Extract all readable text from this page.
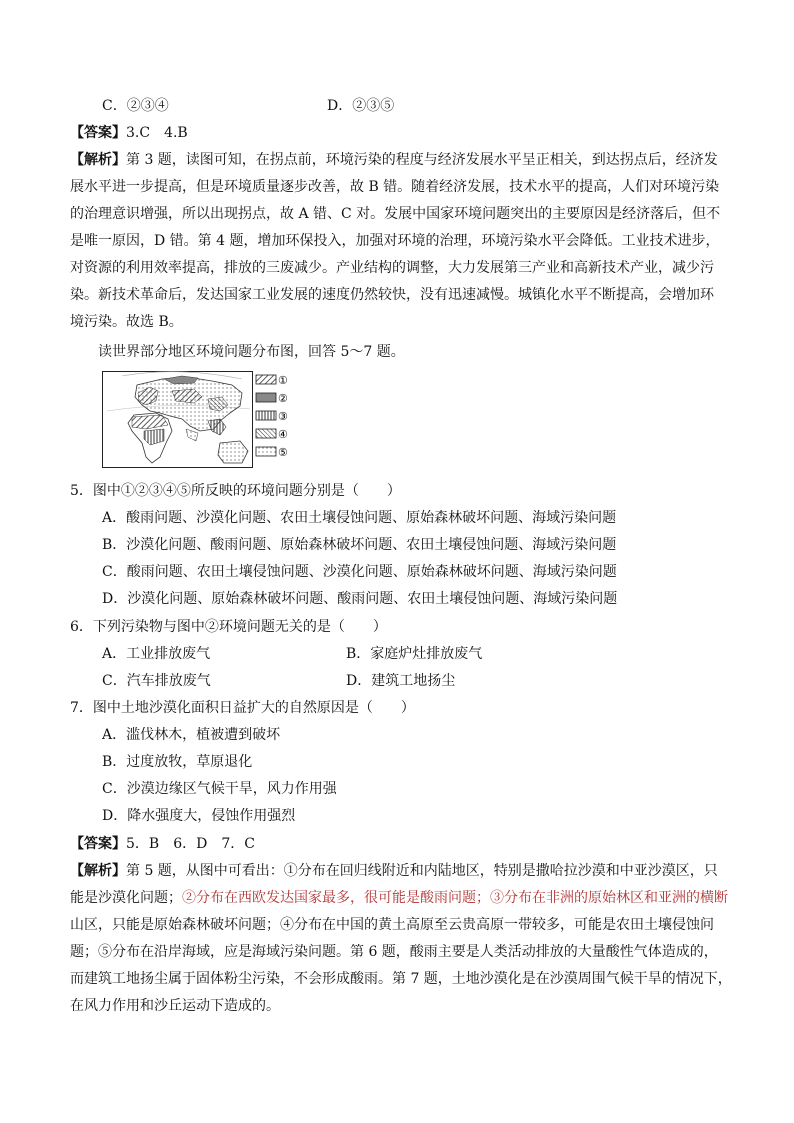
C．②③④	D．②③⑤
【答案】3.C　4.B
【解析】第 3 题，读图可知，在拐点前，环境污染的程度与经济发展水平呈正相关，到达拐点后，经济发
展水平进一步提高，但是环境质量逐步改善，故 B 错。随着经济发展，技术水平的提高，人们对环境污染
的治理意识增强，所以出现拐点，故 A 错、C 对。发展中国家环境问题突出的主要原因是经济落后，但不
是唯一原因，D 错。第 4 题，增加环保投入，加强对环境的治理，环境污染水平会降低。工业技术进步，
对资源的利用效率提高，排放的三废减少。产业结构的调整，大力发展第三产业和高新技术产业，减少污
染。新技术革命后，发达国家工业发展的速度仍然较快，没有迅速减慢。城镇化水平不断提高，会增加环
境污染。故选 B。
读世界部分地区环境问题分布图，回答 5～7 题。
①
②
③
④
⑤
5．图中①②③④⑤所反映的环境问题分别是（　　）
A．酸雨问题、沙漠化问题、农田土壤侵蚀问题、原始森林破坏问题、海域污染问题
B．沙漠化问题、酸雨问题、原始森林破坏问题、农田土壤侵蚀问题、海域污染问题
C．酸雨问题、农田土壤侵蚀问题、沙漠化问题、原始森林破坏问题、海域污染问题
D．沙漠化问题、原始森林破坏问题、酸雨问题、农田土壤侵蚀问题、海域污染问题
6．下列污染物与图中②环境问题无关的是（　　）
A．工业排放废气	B．家庭炉灶排放废气
C．汽车排放废气	D．建筑工地扬尘
7．图中土地沙漠化面积日益扩大的自然原因是（　　）
A．滥伐林木，植被遭到破坏
B．过度放牧，草原退化
C．沙漠边缘区气候干旱，风力作用强
D．降水强度大，侵蚀作用强烈
【答案】5．B　6．D　7．C
【解析】第 5 题，从图中可看出：①分布在回归线附近和内陆地区，特别是撒哈拉沙漠和中亚沙漠区，只
能是沙漠化问题；②分布在西欧发达国家最多，很可能是酸雨问题；③分布在非洲的原始林区和亚洲的横断
山区，只能是原始森林破坏问题；④分布在中国的黄土高原至云贵高原一带较多，可能是农田土壤侵蚀问
题；⑤分布在沿岸海域，应是海域污染问题。第 6 题，酸雨主要是人类活动排放的大量酸性气体造成的，
而建筑工地扬尘属于固体粉尘污染，不会形成酸雨。第 7 题，土地沙漠化是在沙漠周围气候干旱的情况下，
在风力作用和沙丘运动下造成的。
